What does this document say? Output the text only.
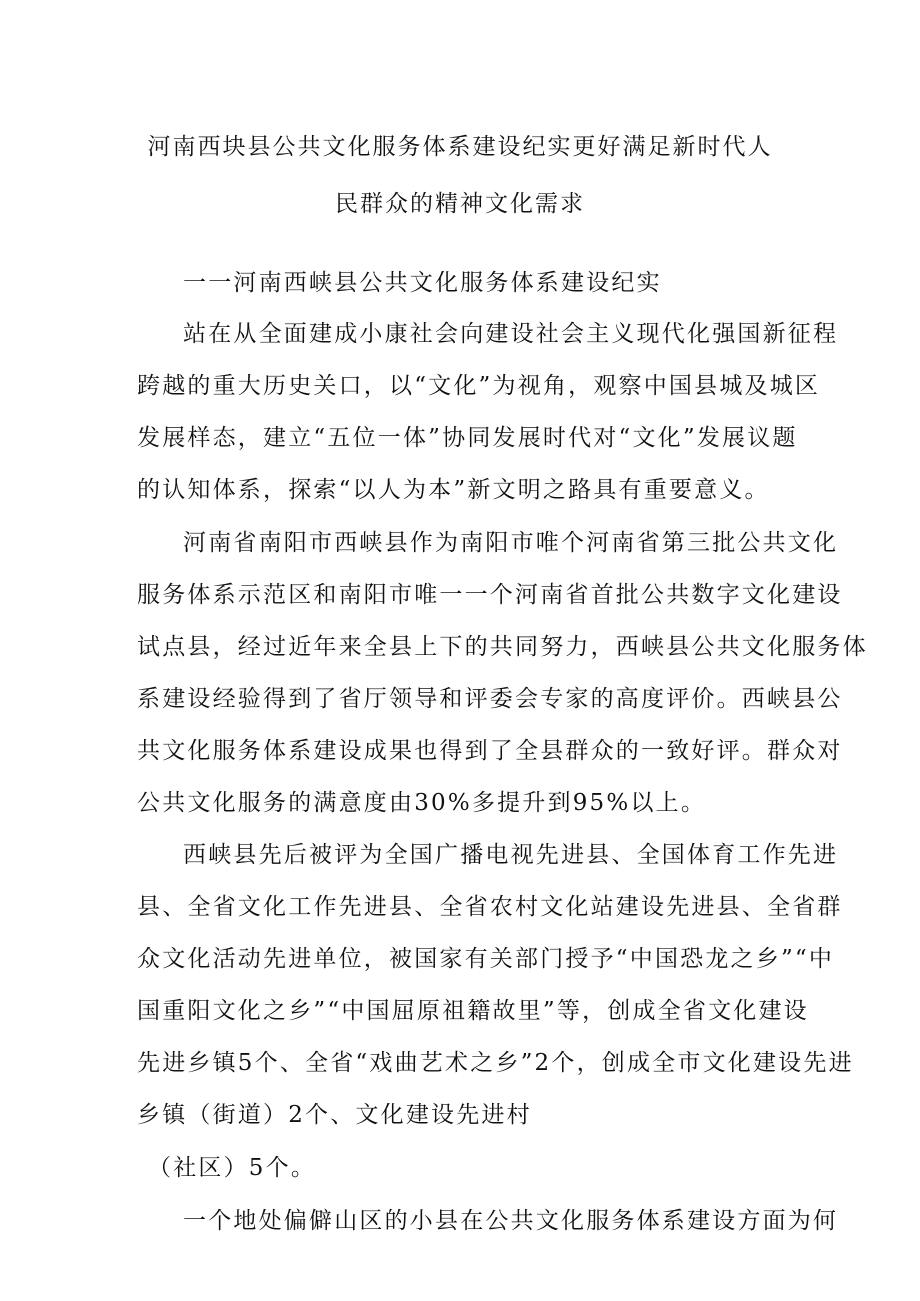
河南西块县公共文化服务体系建设纪实更好满足新时代人
民群众的精神文化需求
一一河南西峡县公共文化服务体系建设纪实
站在从全面建成小康社会向建设社会主义现代化强国新征程
跨越的重大历史关口，以“文化”为视角，观察中国县城及城区
发展样态，建立“五位一体”协同发展时代对“文化”发展议题
的认知体系，探索“以人为本”新文明之路具有重要意义。
河南省南阳市西峡县作为南阳市唯个河南省第三批公共文化
服务体系示范区和南阳市唯一一个河南省首批公共数字文化建设
试点县，经过近年来全县上下的共同努力，西峡县公共文化服务体
系建设经验得到了省厅领导和评委会专家的高度评价。西峡县公
共文化服务体系建设成果也得到了全县群众的一致好评。群众对
公共文化服务的满意度由30%多提升到95%以上。
西峡县先后被评为全国广播电视先进县、全国体育工作先进
县、全省文化工作先进县、全省农村文化站建设先进县、全省群
众文化活动先进单位，被国家有关部门授予“中国恐龙之乡”“中
国重阳文化之乡”“中国屈原祖籍故里”等，创成全省文化建设
先进乡镇5个、全省“戏曲艺术之乡”2个，创成全市文化建设先进
乡镇（街道）2个、文化建设先进村
（社区）5个。
一个地处偏僻山区的小县在公共文化服务体系建设方面为何
